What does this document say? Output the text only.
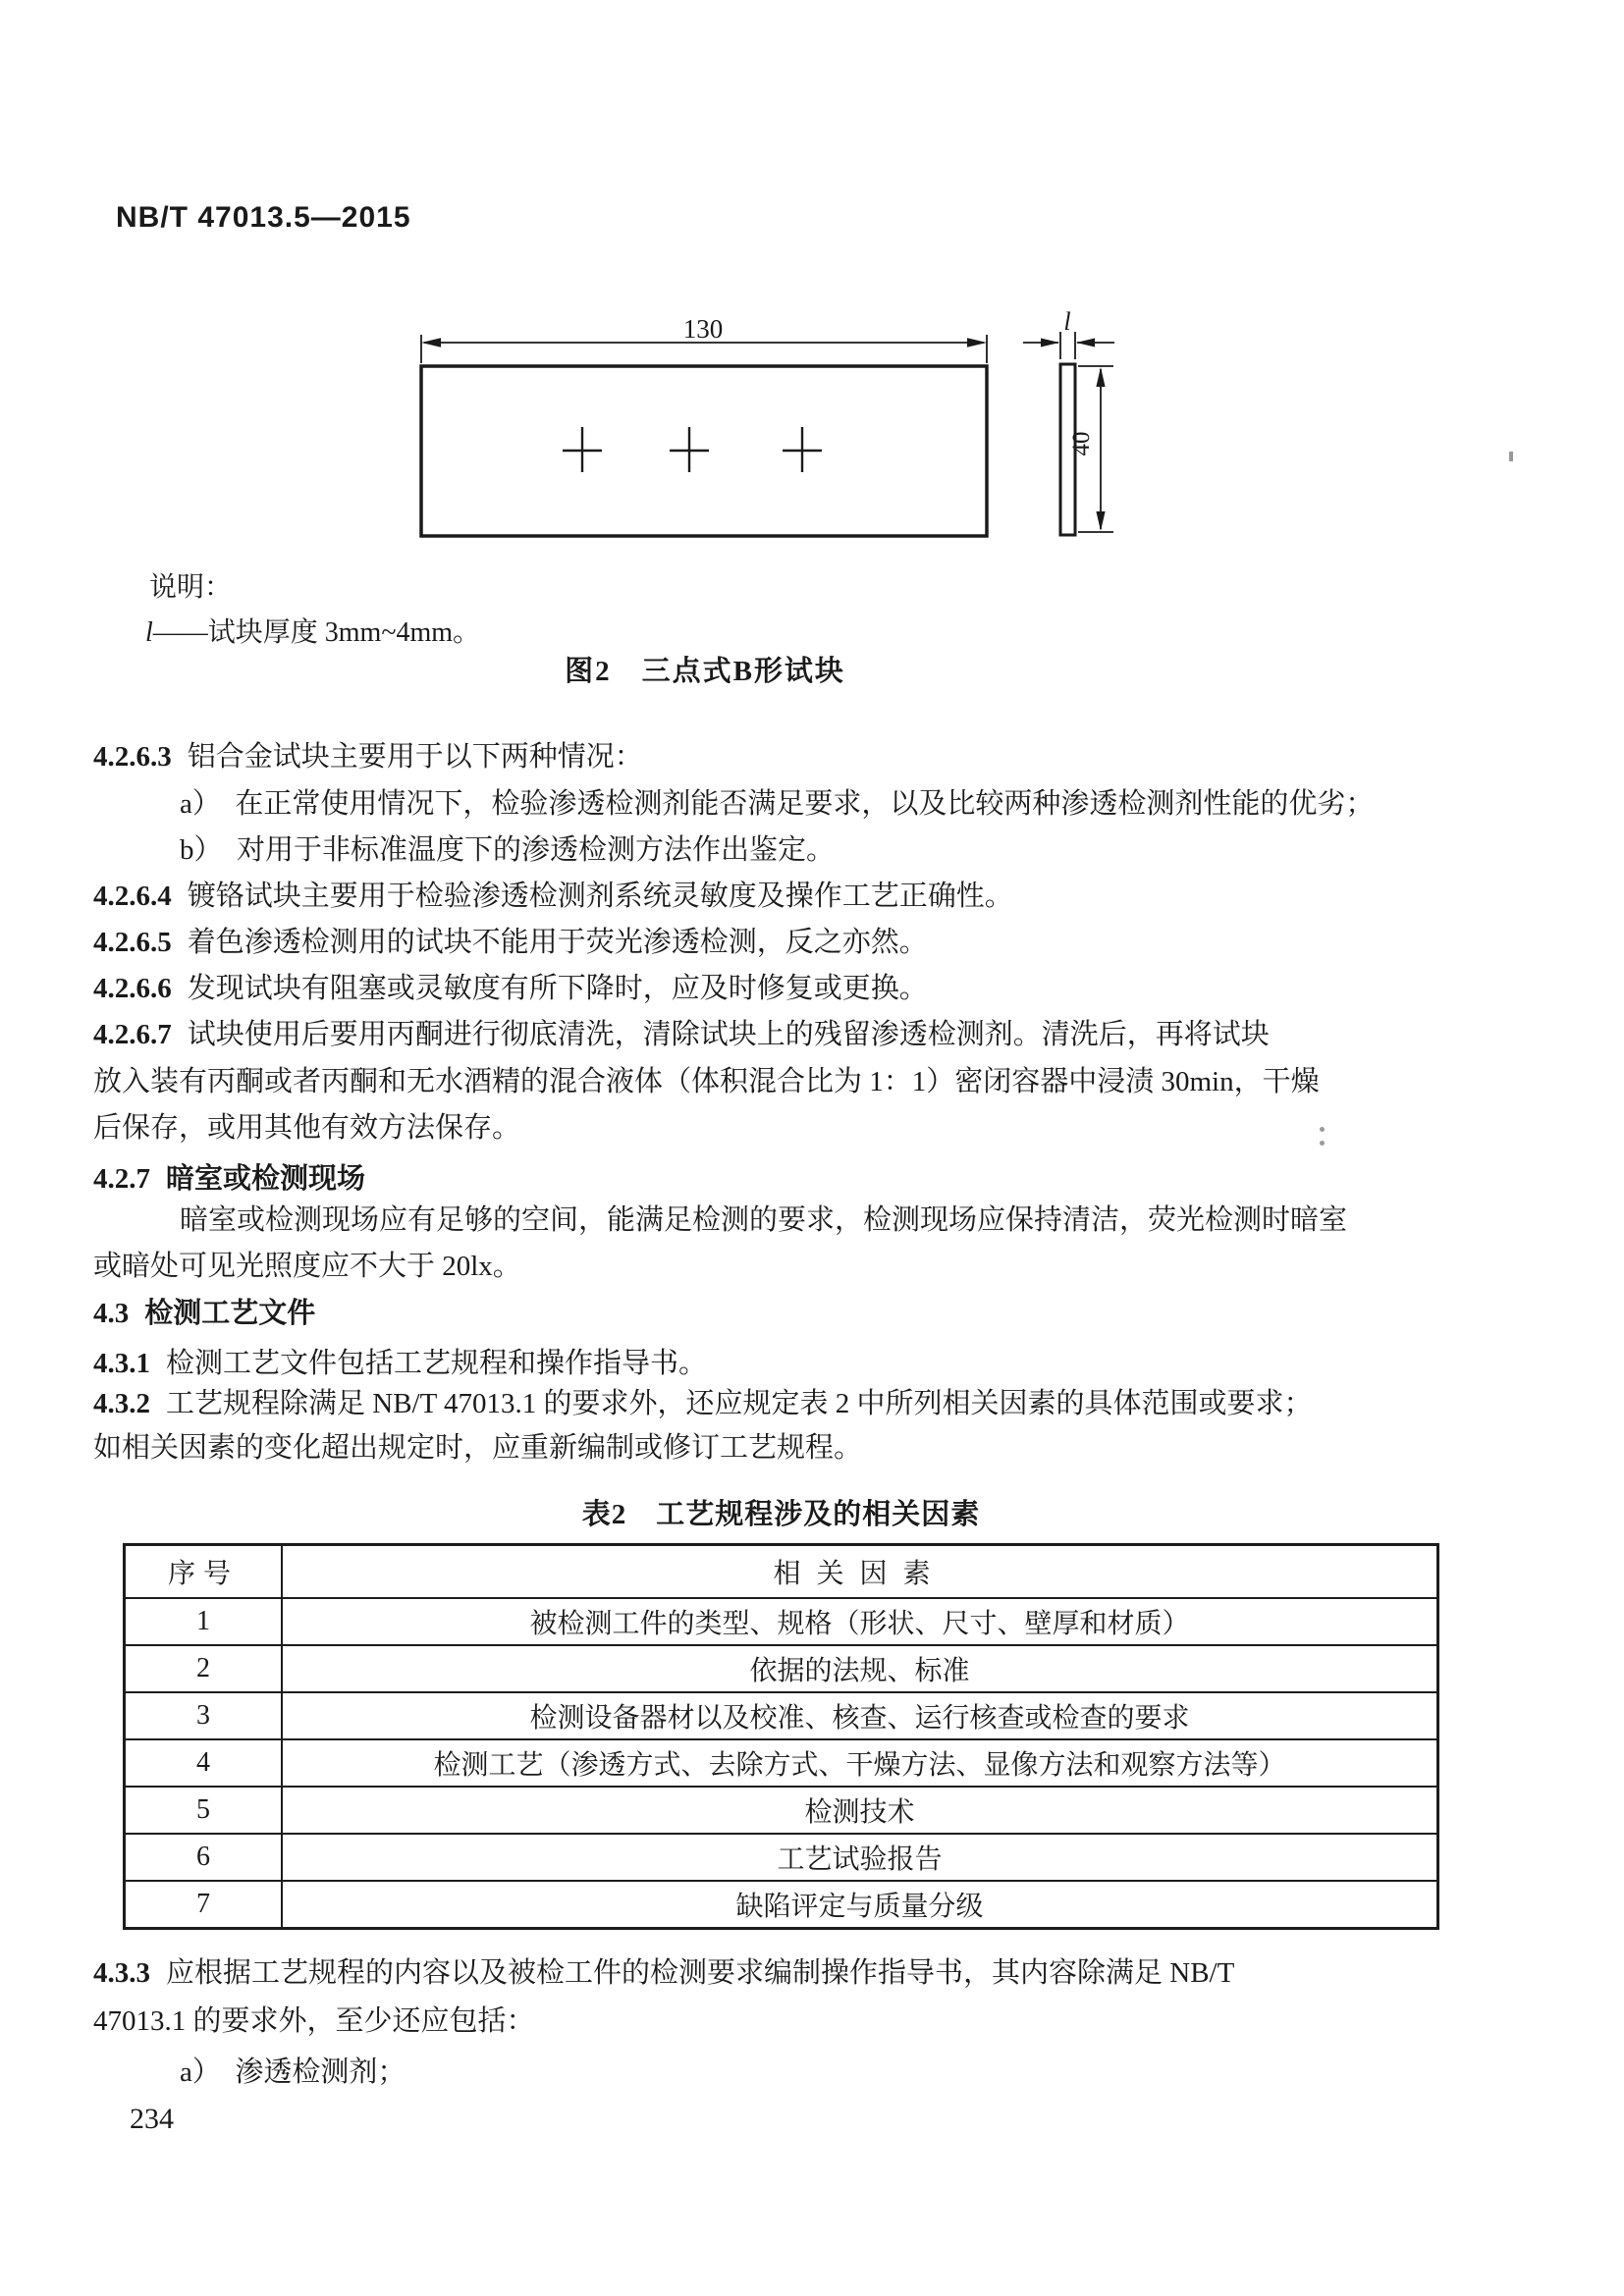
NB/T 47013.5—2015
130	l
40
说明：
l——试块厚度 3mm~4mm。
图2　三点式B形试块
4.2.6.3 铝合金试块主要用于以下两种情况：
a）　在正常使用情况下，检验渗透检测剂能否满足要求，以及比较两种渗透检测剂性能的优劣；
b）　对用于非标准温度下的渗透检测方法作出鉴定。
4.2.6.4 镀铬试块主要用于检验渗透检测剂系统灵敏度及操作工艺正确性。
4.2.6.5 着色渗透检测用的试块不能用于荧光渗透检测，反之亦然。
4.2.6.6 发现试块有阻塞或灵敏度有所下降时，应及时修复或更换。
4.2.6.7 试块使用后要用丙酮进行彻底清洗，清除试块上的残留渗透检测剂。清洗后，再将试块
放入装有丙酮或者丙酮和无水酒精的混合液体（体积混合比为 1：1）密闭容器中浸渍 30min，干燥
后保存，或用其他有效方法保存。
4.2.7 暗室或检测现场
暗室或检测现场应有足够的空间，能满足检测的要求，检测现场应保持清洁，荧光检测时暗室
或暗处可见光照度应不大于 20lx。
4.3 检测工艺文件
4.3.1 检测工艺文件包括工艺规程和操作指导书。
4.3.2 工艺规程除满足 NB/T 47013.1 的要求外，还应规定表 2 中所列相关因素的具体范围或要求；
如相关因素的变化超出规定时，应重新编制或修订工艺规程。
表2　工艺规程涉及的相关因素
序号	相关因素
1	被检测工件的类型、规格（形状、尺寸、壁厚和材质）
2	依据的法规、标准
3	检测设备器材以及校准、核查、运行核查或检查的要求
4	检测工艺（渗透方式、去除方式、干燥方法、显像方法和观察方法等）
5	检测技术
6	工艺试验报告
7	缺陷评定与质量分级
4.3.3 应根据工艺规程的内容以及被检工件的检测要求编制操作指导书，其内容除满足 NB/T
47013.1 的要求外，至少还应包括：
a）　渗透检测剂；
234
